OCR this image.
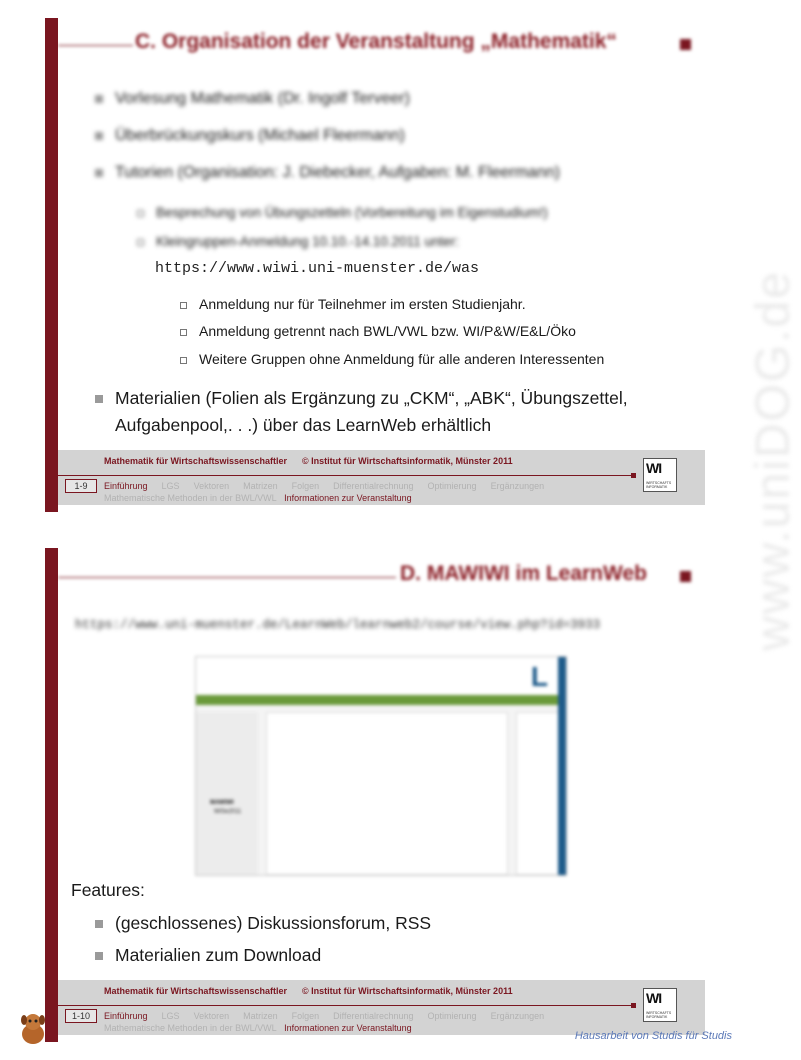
www.uniDOG.de
C. Organisation der Veranstaltung „Mathematik“
Vorlesung Mathematik (Dr. Ingolf Terveer)
Überbrückungskurs (Michael Fleermann)
Tutorien (Organisation: J. Diebecker, Aufgaben: M. Fleermann)
Besprechung von Übungszetteln (Vorbereitung im Eigenstudium!)
Kleingruppen-Anmeldung 10.10.-14.10.2011 unter:
https://www.wiwi.uni-muenster.de/was
Anmeldung nur für Teilnehmer im ersten Studienjahr.
Anmeldung getrennt nach BWL/VWL bzw. WI/P&W/E&L/Öko
Weitere Gruppen ohne Anmeldung für alle anderen Interessenten
Materialien (Folien als Ergänzung zu „CKM“, „ABK“, Übungszettel,
Aufgabenpool,. . .) über das LearnWeb erhältlich
Mathematik für Wirtschaftswissenschaftler © Institut für Wirtschaftsinformatik, Münster 2011
1-9	Einführung LGS Vektoren Matrizen Folgen Differentialrechnung Optimierung Ergänzungen
Mathematische Methoden in der BWL/VWL Informationen zur Veranstaltung
WI
WIRTSCHAFTS INFORMATIK
D. MAWIWI im LearnWeb
https://www.uni-muenster.de/LearnWeb/learnweb2/course/view.php?id=3933
L
MAWIWI
WiSe2011
Features:
(geschlossenes) Diskussionsforum, RSS
Materialien zum Download
Mathematik für Wirtschaftswissenschaftler © Institut für Wirtschaftsinformatik, Münster 2011
1-10	Einführung LGS Vektoren Matrizen Folgen Differentialrechnung Optimierung Ergänzungen
Mathematische Methoden in der BWL/VWL Informationen zur Veranstaltung
WI
WIRTSCHAFTS INFORMATIK
Hausarbeit von Studis für Studis
